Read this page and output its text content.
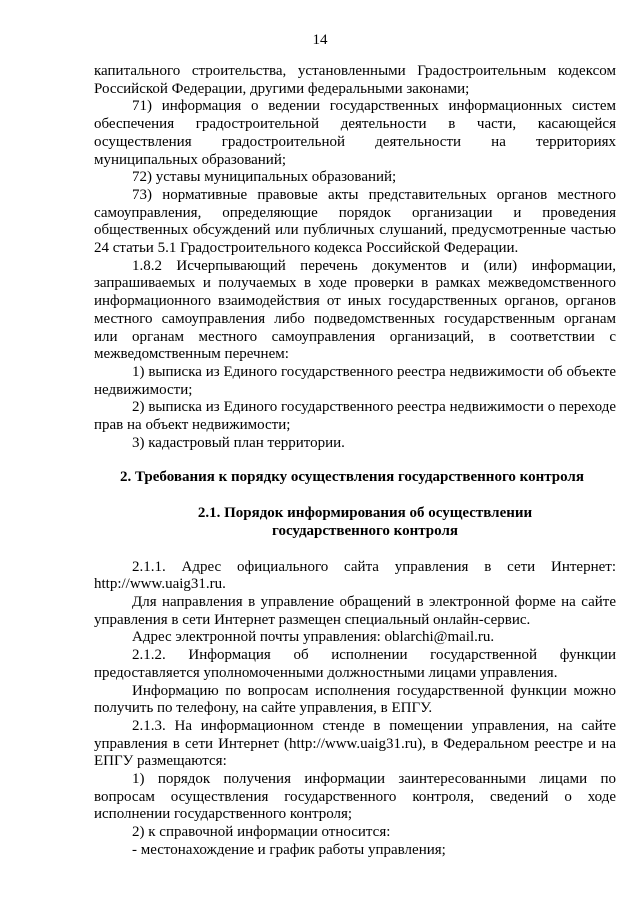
14

капитального строительства, установленными Градостроительным кодексом Российской Федерации, другими федеральными законами;

71) информация о ведении государственных информационных систем обеспечения градостроительной деятельности в части, касающейся осуществления градостроительной деятельности на территориях муниципальных образований;

72) уставы муниципальных образований;

73) нормативные правовые акты представительных органов местного самоуправления, определяющие порядок организации и проведения общественных обсуждений или публичных слушаний, предусмотренные частью 24 статьи 5.1 Градостроительного кодекса Российской Федерации.

1.8.2 Исчерпывающий перечень документов и (или) информации, запрашиваемых и получаемых в ходе проверки в рамках межведомственного информационного взаимодействия от иных государственных органов, органов местного самоуправления либо подведомственных государственным органам или органам местного самоуправления организаций, в соответствии с межведомственным перечнем:

1) выписка из Единого государственного реестра недвижимости об объекте недвижимости;

2) выписка из Единого государственного реестра недвижимости о переходе прав на объект недвижимости;

3) кадастровый план территории.

2. Требования к порядку осуществления государственного контроля

2.1. Порядок информирования об осуществлении
государственного контроля

2.1.1. Адрес официального сайта управления в сети Интернет: http://www.uaig31.ru.

Для направления в управление обращений в электронной форме на сайте управления в сети Интернет размещен специальный онлайн-сервис.

Адрес электронной почты управления: oblarchi@mail.ru.

2.1.2. Информация об исполнении государственной функции предоставляется уполномоченными должностными лицами управления.

Информацию по вопросам исполнения государственной функции можно получить по телефону, на сайте управления, в ЕПГУ.

2.1.3. На информационном стенде в помещении управления, на сайте управления в сети Интернет (http://www.uaig31.ru), в Федеральном реестре и на ЕПГУ размещаются:

1) порядок получения информации заинтересованными лицами по вопросам осуществления государственного контроля, сведений о ходе исполнении государственного контроля;

2) к справочной информации относится:

- местонахождение и график работы управления;
